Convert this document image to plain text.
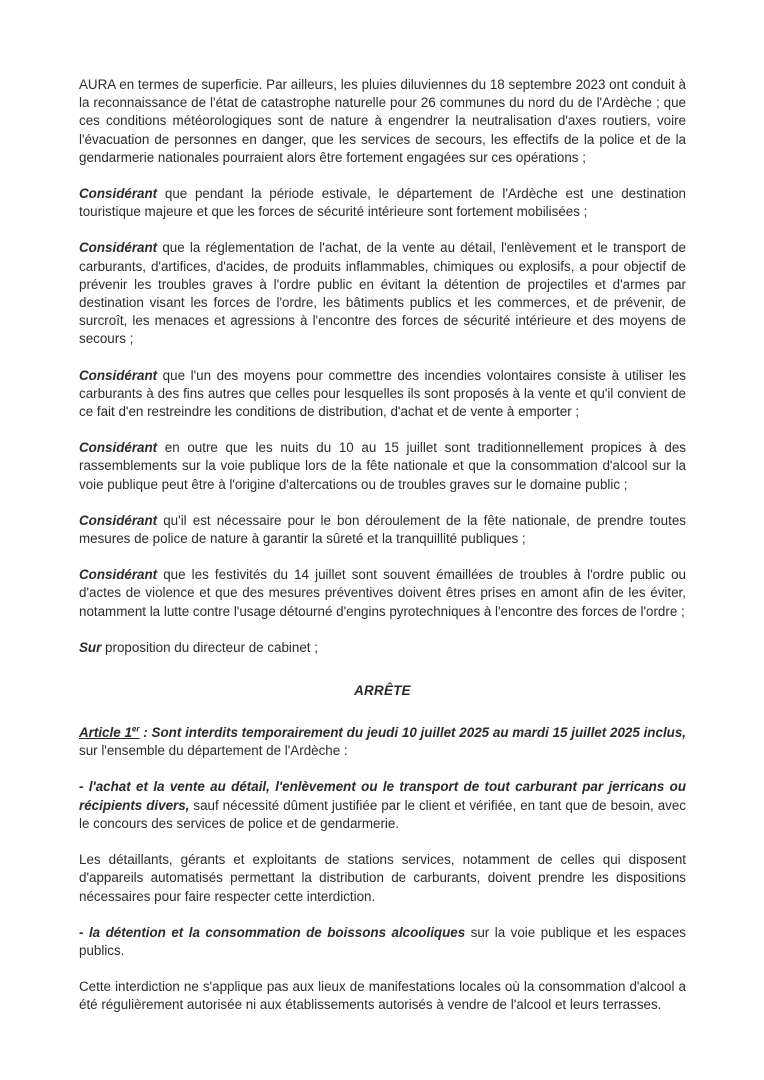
AURA en termes de superficie. Par ailleurs, les pluies diluviennes du 18 septembre 2023 ont conduit à la reconnaissance de l'état de catastrophe naturelle pour 26 communes du nord du de l'Ardèche ; que ces conditions météorologiques sont de nature à engendrer la neutralisation d'axes routiers, voire l'évacuation de personnes en danger, que les services de secours, les effectifs de la police et de la gendarmerie nationales pourraient alors être fortement engagées sur ces opérations ;

Considérant que pendant la période estivale, le département de l'Ardèche est une destination touristique majeure et que les forces de sécurité intérieure sont fortement mobilisées ;

Considérant que la réglementation de l'achat, de la vente au détail, l'enlèvement et le transport de carburants, d'artifices, d'acides, de produits inflammables, chimiques ou explosifs, a pour objectif de prévenir les troubles graves à l'ordre public en évitant la détention de projectiles et d'armes par destination visant les forces de l'ordre, les bâtiments publics et les commerces, et de prévenir, de surcroît, les menaces et agressions à l'encontre des forces de sécurité intérieure et des moyens de secours ;

Considérant que l'un des moyens pour commettre des incendies volontaires consiste à utiliser les carburants à des fins autres que celles pour lesquelles ils sont proposés à la vente et qu'il convient de ce fait d'en restreindre les conditions de distribution, d'achat et de vente à emporter ;

Considérant en outre que les nuits du 10 au 15 juillet sont traditionnellement propices à des rassemblements sur la voie publique lors de la fête nationale et que la consommation d'alcool sur la voie publique peut être à l'origine d'altercations ou de troubles graves sur le domaine public ;

Considérant qu'il est nécessaire pour le bon déroulement de la fête nationale, de prendre toutes mesures de police de nature à garantir la sûreté et la tranquillité publiques ;

Considérant que les festivités du 14 juillet sont souvent émaillées de troubles à l'ordre public ou d'actes de violence et que des mesures préventives doivent êtres prises en amont afin de les éviter, notamment la lutte contre l'usage détourné d'engins pyrotechniques à l'encontre des forces de l'ordre ;

Sur proposition du directeur de cabinet ;

ARRÊTE

Article 1er : Sont interdits temporairement du jeudi 10 juillet 2025 au mardi 15 juillet 2025 inclus, sur l'ensemble du département de l'Ardèche :

- l'achat et la vente au détail, l'enlèvement ou le transport de tout carburant par jerricans ou récipients divers, sauf nécessité dûment justifiée par le client et vérifiée, en tant que de besoin, avec le concours des services de police et de gendarmerie.

Les détaillants, gérants et exploitants de stations services, notamment de celles qui disposent d'appareils automatisés permettant la distribution de carburants, doivent prendre les dispositions nécessaires pour faire respecter cette interdiction.

- la détention et la consommation de boissons alcooliques sur la voie publique et les espaces publics.

Cette interdiction ne s'applique pas aux lieux de manifestations locales où la consommation d'alcool a été régulièrement autorisée ni aux établissements autorisés à vendre de l'alcool et leurs terrasses.
